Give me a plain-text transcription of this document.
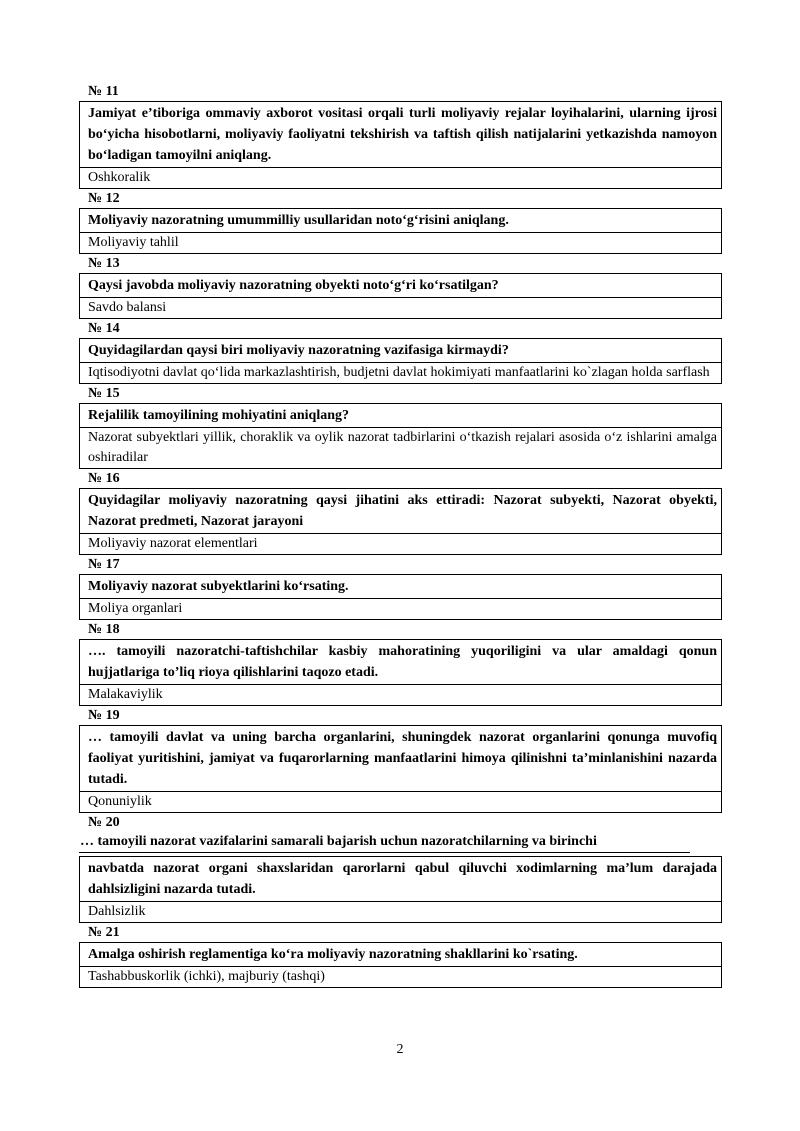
№ 11
Jamiyat e’tiboriga ommaviy axborot vositasi orqali turli moliyaviy rejalar loyihalarini, ularning ijrosi bo‘yicha hisobotlarni, moliyaviy faoliyatni tekshirish va taftish qilish natijalarini yetkazishda namoyon bo‘ladigan tamoyilni aniqlang.
Oshkoralik
№ 12
Moliyaviy nazoratning umummilliy usullaridan noto‘g‘risini aniqlang.
Moliyaviy tahlil
№ 13
Qaysi javobda moliyaviy nazoratning obyekti noto‘g‘ri ko‘rsatilgan?
Savdo balansi
№ 14
Quyidagilardan qaysi biri moliyaviy nazoratning vazifasiga kirmaydi?
Iqtisodiyotni davlat qo‘lida markazlashtirish, budjetni davlat hokimiyati manfaatlarini ko`zlagan holda sarflash
№ 15
Rejalilik tamoyilining mohiyatini aniqlang?
Nazorat subyektlari yillik, choraklik va oylik nazorat tadbirlarini o‘tkazish rejalari asosida o‘z ishlarini amalga oshiradilar
№ 16
Quyidagilar moliyaviy nazoratning qaysi jihatini aks ettiradi: Nazorat subyekti, Nazorat obyekti, Nazorat predmeti, Nazorat jarayoni
Moliyaviy nazorat elementlari
№ 17
Moliyaviy nazorat subyektlarini ko‘rsating.
Moliya organlari
№ 18
…. tamoyili nazoratchi-taftishchilar kasbiy mahoratining yuqoriligini va ular amaldagi qonun hujjatlariga to’liq rioya qilishlarini taqozo etadi.
Malakaviylik
№ 19
… tamoyili davlat va uning barcha organlarini, shuningdek nazorat organlarini qonunga muvofiq faoliyat yuritishini, jamiyat va fuqarorlarning manfaatlarini himoya qilinishni ta’minlanishini nazarda tutadi.
Qonuniylik
№ 20
… tamoyili nazorat vazifalarini samarali bajarish uchun nazoratchilarning va birinchi
navbatda nazorat organi shaxslaridan qarorlarni qabul qiluvchi xodimlarning ma’lum darajada dahlsizligini nazarda tutadi.
Dahlsizlik
№ 21
Amalga oshirish reglamentiga ko‘ra moliyaviy nazoratning shakllarini ko`rsating.
Tashabbuskorlik (ichki), majburiy (tashqi)
2
